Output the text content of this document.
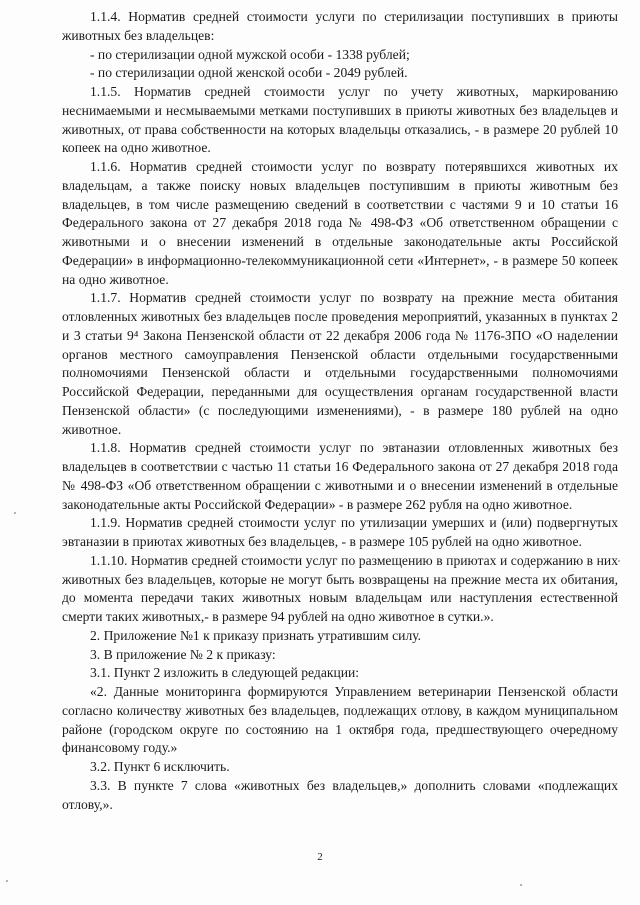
1.1.4. Норматив средней стоимости услуги по стерилизации поступивших в приюты животных без владельцев:

- по стерилизации одной мужской особи - 1338 рублей;

- по стерилизации одной женской особи - 2049 рублей.

1.1.5. Норматив средней стоимости услуг по учету животных, маркированию неснимаемыми и несмываемыми метками поступивших в приюты животных без владельцев и животных, от права собственности на которых владельцы отказались, - в размере 20 рублей 10 копеек на одно животное.

1.1.6. Норматив средней стоимости услуг по возврату потерявшихся животных их владельцам, а также поиску новых владельцев поступившим в приюты животным без владельцев, в том числе размещению сведений в соответствии с частями 9 и 10 статьи 16 Федерального закона от 27 декабря 2018 года № 498-ФЗ «Об ответственном обращении с животными и о внесении изменений в отдельные законодательные акты Российской Федерации» в информационно-телекоммуникационной сети «Интернет», - в размере 50 копеек на одно животное.

1.1.7. Норматив средней стоимости услуг по возврату на прежние места обитания отловленных животных без владельцев после проведения мероприятий, указанных в пунктах 2 и 3 статьи 9⁴ Закона Пензенской области от 22 декабря 2006 года № 1176-ЗПО «О наделении органов местного самоуправления Пензенской области отдельными государственными полномочиями Пензенской области и отдельными государственными полномочиями Российской Федерации, переданными для осуществления органам государственной власти Пензенской области» (с последующими изменениями), - в размере 180 рублей на одно животное.

1.1.8. Норматив средней стоимости услуг по эвтаназии отловленных животных без владельцев в соответствии с частью 11 статьи 16 Федерального закона от 27 декабря 2018 года № 498-ФЗ «Об ответственном обращении с животными и о внесении изменений в отдельные законодательные акты Российской Федерации» - в размере 262 рубля на одно животное.

1.1.9. Норматив средней стоимости услуг по утилизации умерших и (или) подвергнутых эвтаназии в приютах животных без владельцев, - в размере 105 рублей на одно животное.

1.1.10. Норматив средней стоимости услуг по размещению в приютах и содержанию в них животных без владельцев, которые не могут быть возвращены на прежние места их обитания, до момента передачи таких животных новым владельцам или наступления естественной смерти таких животных,- в размере 94 рублей на одно животное в сутки.».

2. Приложение №1 к приказу признать утратившим силу.

3. В приложение № 2 к приказу:

3.1. Пункт 2 изложить в следующей редакции:

«2. Данные мониторинга формируются Управлением ветеринарии Пензенской области согласно количеству животных без владельцев, подлежащих отлову, в каждом муниципальном районе (городском округе по состоянию на 1 октября года, предшествующего очередному финансовому году.»

3.2. Пункт 6 исключить.

3.3. В пункте 7 слова «животных без владельцев,» дополнить словами «подлежащих отлову,».

2
